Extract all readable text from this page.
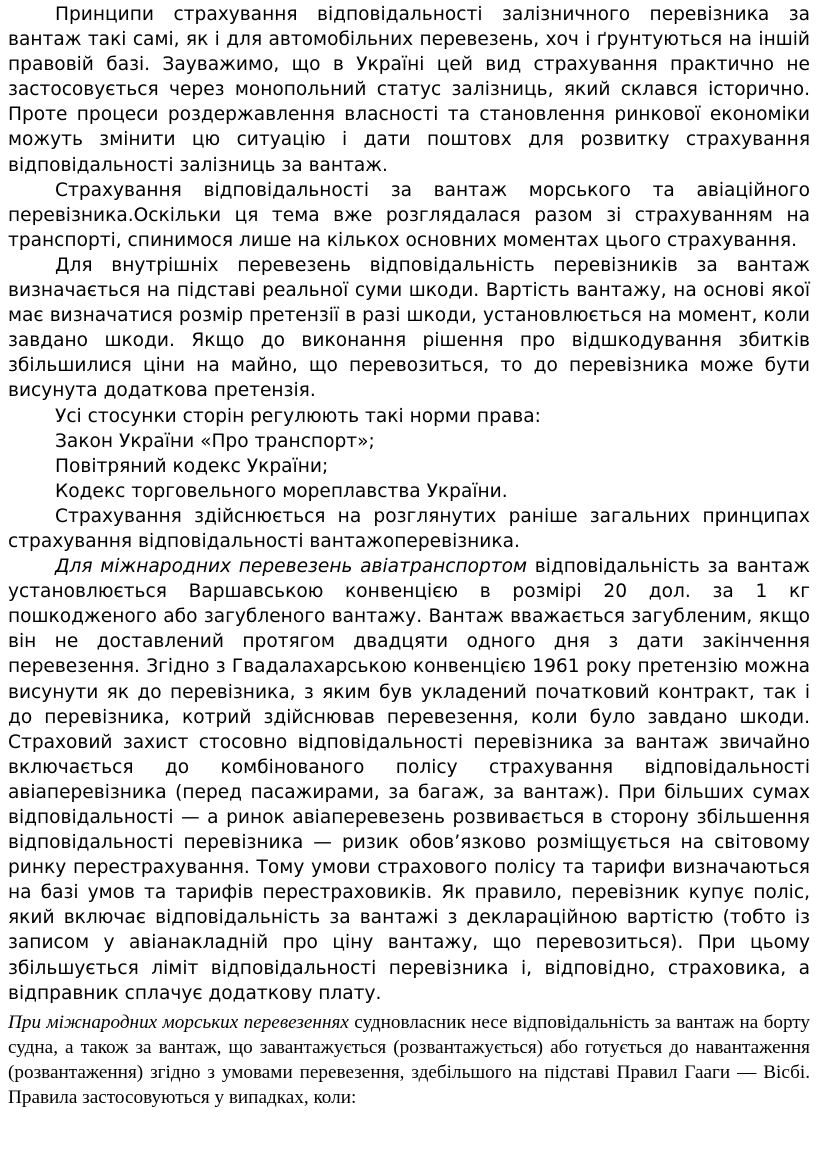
Принципи страхування відповідальності залізничного перевізника за вантаж такі самі, як і для автомобільних перевезень, хоч і ґрунтуються на іншій правовій базі. Зауважимо, що в Україні цей вид страхування практично не застосовується через монопольний статус залізниць, який склався історично. Проте процеси роздержавлення власності та становлення ринкової економіки можуть змінити цю ситуацію і дати поштовх для розвитку страхування відповідальності залізниць за вантаж.

Страхування відповідальності за вантаж морського та авіаційного перевізника.Оскільки ця тема вже розглядалася разом зі страхуванням на транспорті, спинимося лише на кількох основних моментах цього страхування.

Для внутрішніх перевезень відповідальність перевізників за вантаж визначається на підставі реальної суми шкоди. Вартість вантажу, на основі якої має визначатися розмір претензії в разі шкоди, установлюється на момент, коли завдано шкоди. Якщо до виконання рішення про відшкодування збитків збільшилися ціни на майно, що перевозиться, то до перевізника може бути висунута додаткова претензія.

Усі стосунки сторін регулюють такі норми права:

Закон України «Про транспорт»;

Повітряний кодекс України;

Кодекс торговельного мореплавства України.

Страхування здійснюється на розглянутих раніше загальних принципах страхування відповідальності вантажоперевізника.

Для міжнародних перевезень авіатранспортом відповідальність за вантаж установлюється Варшавською конвенцією в розмірі 20 дол. за 1 кг пошкодженого або загубленого вантажу. Вантаж вважається загубленим, якщо він не доставлений протягом двадцяти одного дня з дати закінчення перевезення. Згідно з Гвадалахарською конвенцією 1961 року претензію можна висунути як до перевізника, з яким був укладений початковий контракт, так і до перевізника, котрий здійснював перевезення, коли було завдано шкоди. Страховий захист стосовно відповідальності перевізника за вантаж звичайно включається до комбінованого полісу страхування відповідальності авіаперевізника (перед пасажирами, за багаж, за вантаж). При більших сумах відповідальності — а ринок авіаперевезень розвивається в сторону збільшення відповідальності перевізника — ризик обов’язково розміщується на світовому ринку перестрахування. Тому умови страхового полісу та тарифи визначаються на базі умов та тарифів перестраховиків. Як правило, перевізник купує поліс, який включає відповідальність за вантажі з деклараційною вартістю (тобто із записом у авіанакладній про ціну вантажу, що перевозиться). При цьому збільшується ліміт відповідальності перевізника і, відповідно, страховика, а відправник сплачує додаткову плату.

При міжнародних морських перевезеннях судновласник несе відповідальність за вантаж на борту судна, а також за вантаж, що завантажується (розвантажується) або готується до навантаження (розвантаження) згідно з умовами перевезення, здебільшого на підставі Правил Гааги — Вісбі. Правила застосовуються у випадках, коли:
